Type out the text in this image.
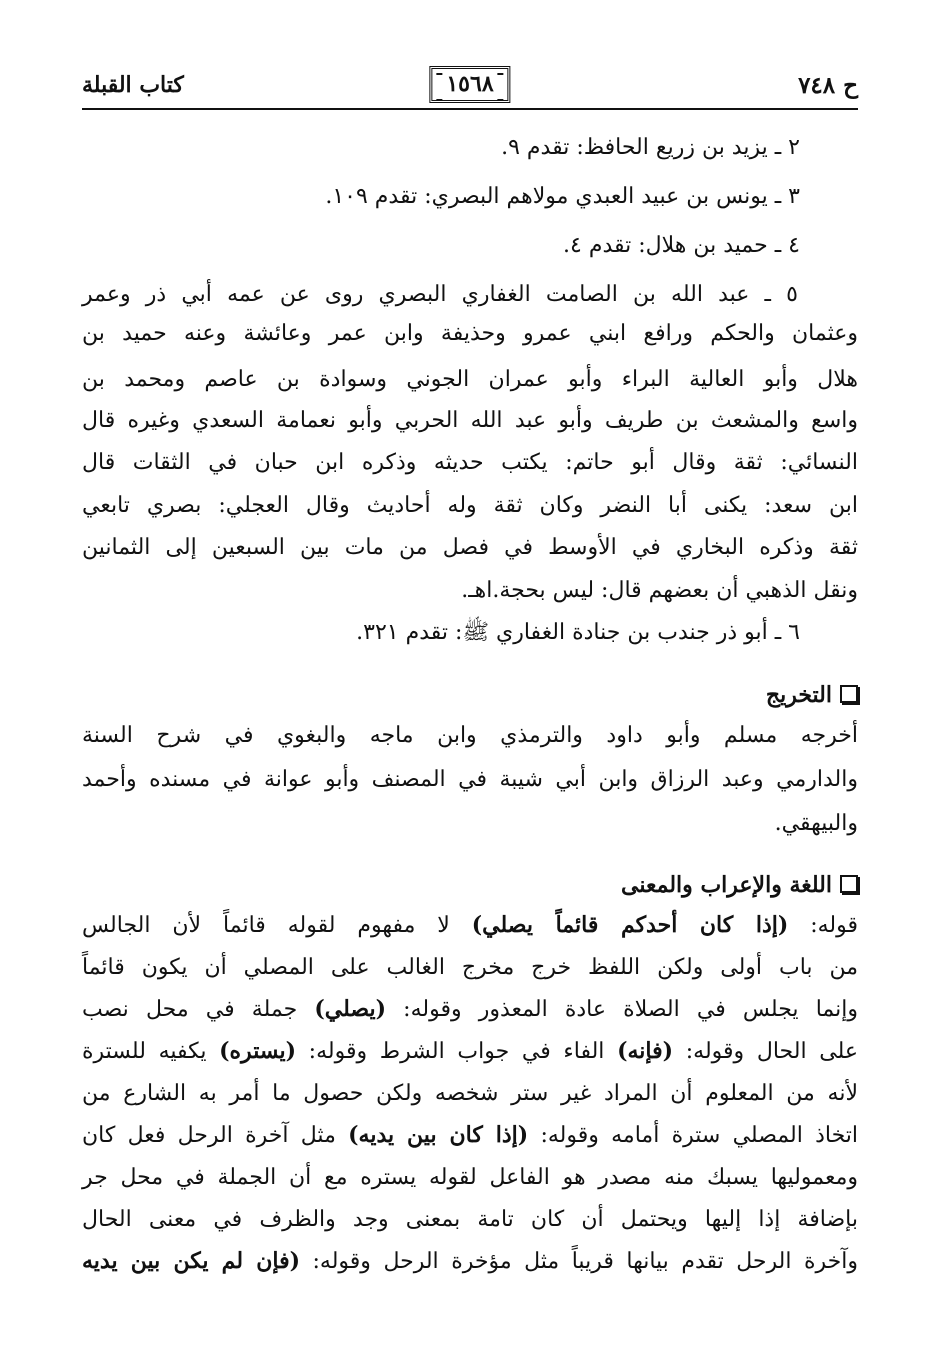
ح ٧٤٨
١٥٦٨
كتاب القبلة
٢ ـ يزيد بن زريع الحافظ: تقدم ٩.
٣ ـ يونس بن عبيد العبدي مولاهم البصري: تقدم ١٠٩.
٤ ـ حميد بن هلال: تقدم ٤.
٥ ـ عبد الله بن الصامت الغفاري البصري روى عن عمه أبي ذر وعمر
وعثمان والحكم ورافع ابني عمرو وحذيفة وابن عمر وعائشة وعنه حميد بن
هلال وأبو العالية البراء وأبو عمران الجوني وسوادة بن عاصم ومحمد بن
واسع والمشعث بن طريف وأبو عبد الله الحربي وأبو نعمامة السعدي وغيره قال
النسائي: ثقة وقال أبو حاتم: يكتب حديثه وذكره ابن حبان في الثقات قال
ابن سعد: يكنى أبا النضر وكان ثقة وله أحاديث وقال العجلي: بصري تابعي
ثقة وذكره البخاري في الأوسط في فصل من مات بين السبعين إلى الثمانين
ونقل الذهبي أن بعضهم قال: ليس بحجة.اهـ.
٦ ـ أبو ذر جندب بن جنادة الغفاري ﷺ: تقدم ٣٢١.
التخريج
أخرجه مسلم وأبو داود والترمذي وابن ماجه والبغوي في شرح السنة
والدارمي وعبد الرزاق وابن أبي شيبة في المصنف وأبو عوانة في مسنده وأحمد
والبيهقي.
اللغة والإعراب والمعنى
قوله: (إذا كان أحدكم قائماً يصلي) لا مفهوم لقوله قائماً لأن الجالس
من باب أولى ولكن اللفظ خرج مخرج الغالب على المصلي أن يكون قائماً
وإنما يجلس في الصلاة عادة المعذور وقوله: (يصلي) جملة في محل نصب
على الحال وقوله: (فإنه) الفاء في جواب الشرط وقوله: (يستره) يكفيه للسترة
لأنه من المعلوم أن المراد غير ستر شخصه ولكن حصول ما أمر به الشارع من
اتخاذ المصلي سترة أمامه وقوله: (إذا كان بين يديه) مثل آخرة الرحل فعل كان
ومعموليها يسبك منه مصدر هو الفاعل لقوله يستره مع أن الجملة في محل جر
بإضافة إذا إليها ويحتمل أن كان تامة بمعنى وجد والظرف في معنى الحال
وآخرة الرحل تقدم بيانها قريباً مثل مؤخرة الرحل وقوله: (فإن لم يكن بين يديه
